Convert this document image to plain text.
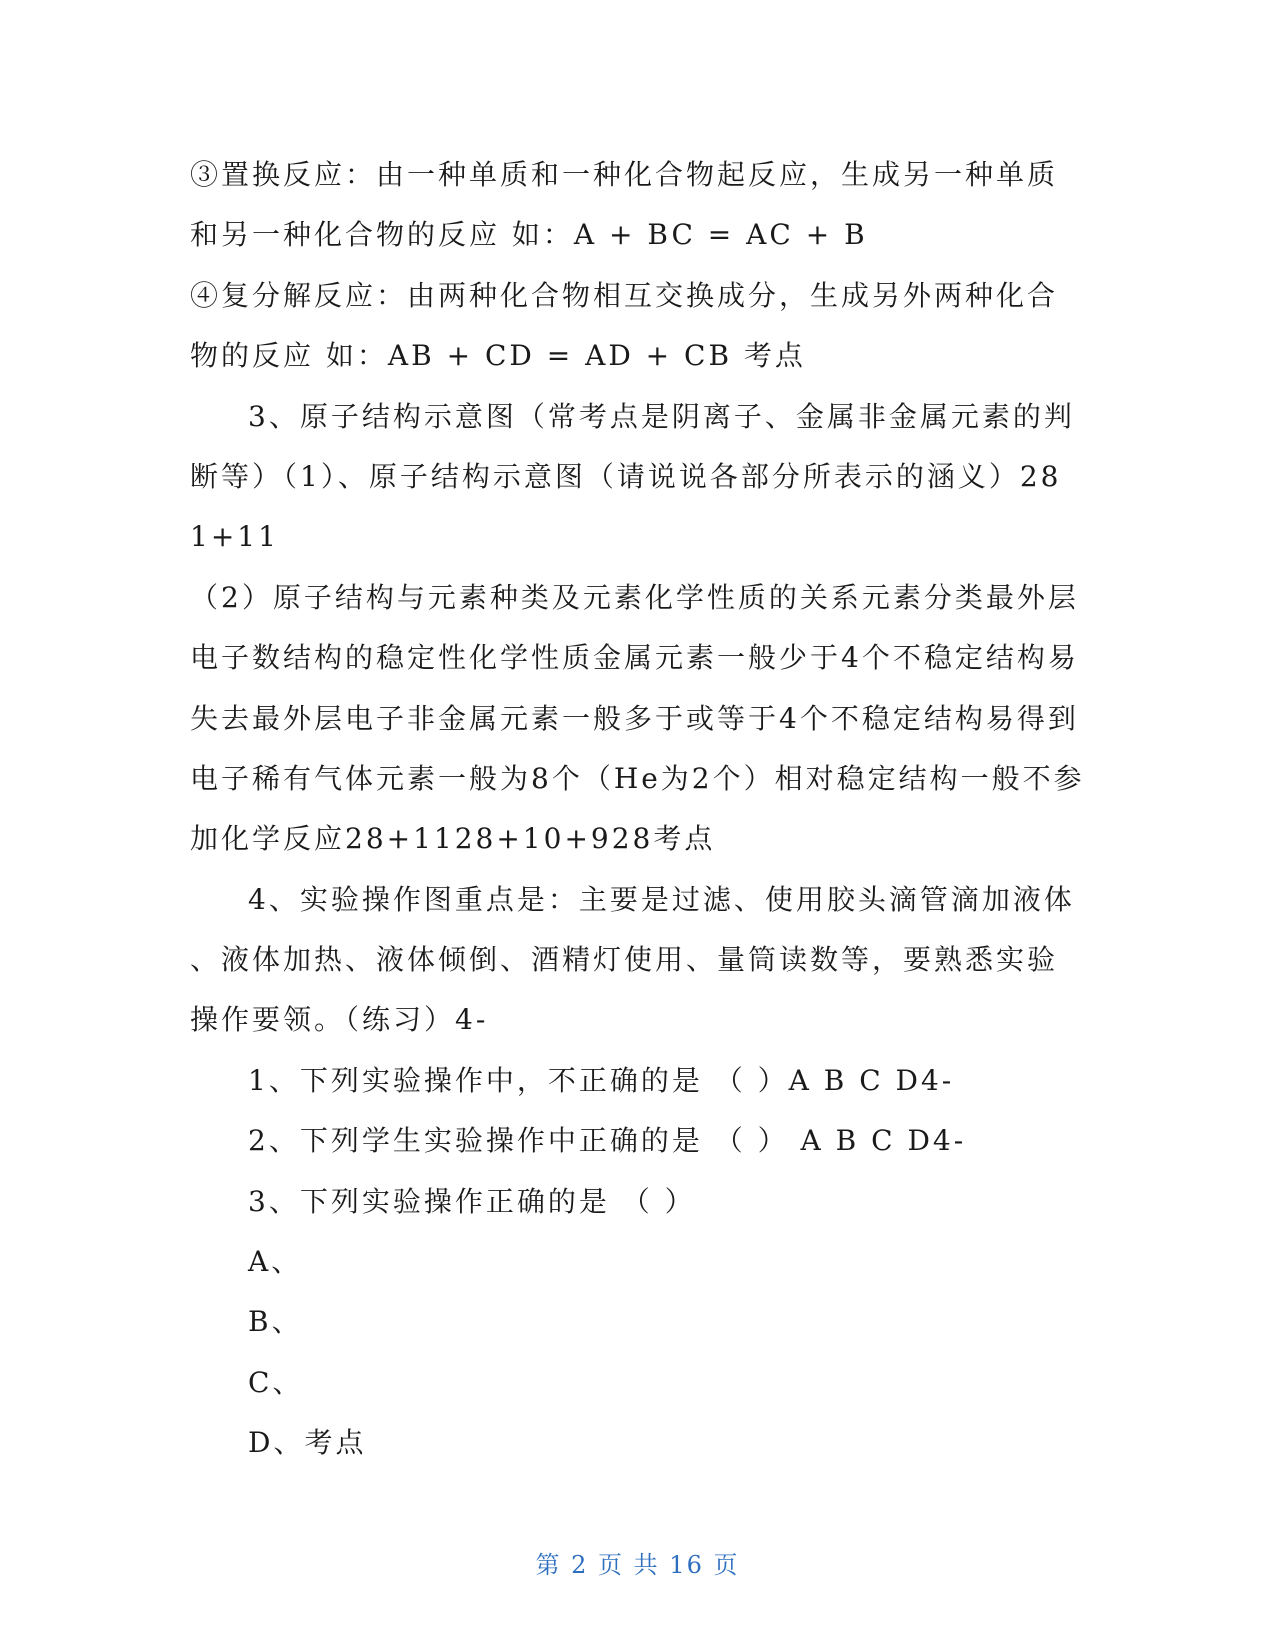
③置换反应：由一种单质和一种化合物起反应，生成另一种单质
和另一种化合物的反应 如：A + BC = AC + B
④复分解反应：由两种化合物相互交换成分，生成另外两种化合
物的反应 如：AB + CD = AD + CB 考点
3、原子结构示意图（常考点是阴离子、金属非金属元素的判
断等）（1）、原子结构示意图（请说说各部分所表示的涵义）28
1+11
（2）原子结构与元素种类及元素化学性质的关系元素分类最外层
电子数结构的稳定性化学性质金属元素一般少于4个不稳定结构易
失去最外层电子非金属元素一般多于或等于4个不稳定结构易得到
电子稀有气体元素一般为8个（He为2个）相对稳定结构一般不参
加化学反应28+1128+10+928考点
4、实验操作图重点是：主要是过滤、使用胶头滴管滴加液体
、液体加热、液体倾倒、酒精灯使用、量筒读数等，要熟悉实验
操作要领。（练习）4-
1、下列实验操作中，不正确的是 （ ）A B C D4-
2、下列学生实验操作中正确的是 （ ） A B C D4-
3、下列实验操作正确的是 （ ）
A、
B、
C、
D、考点
第 2 页 共 16 页
